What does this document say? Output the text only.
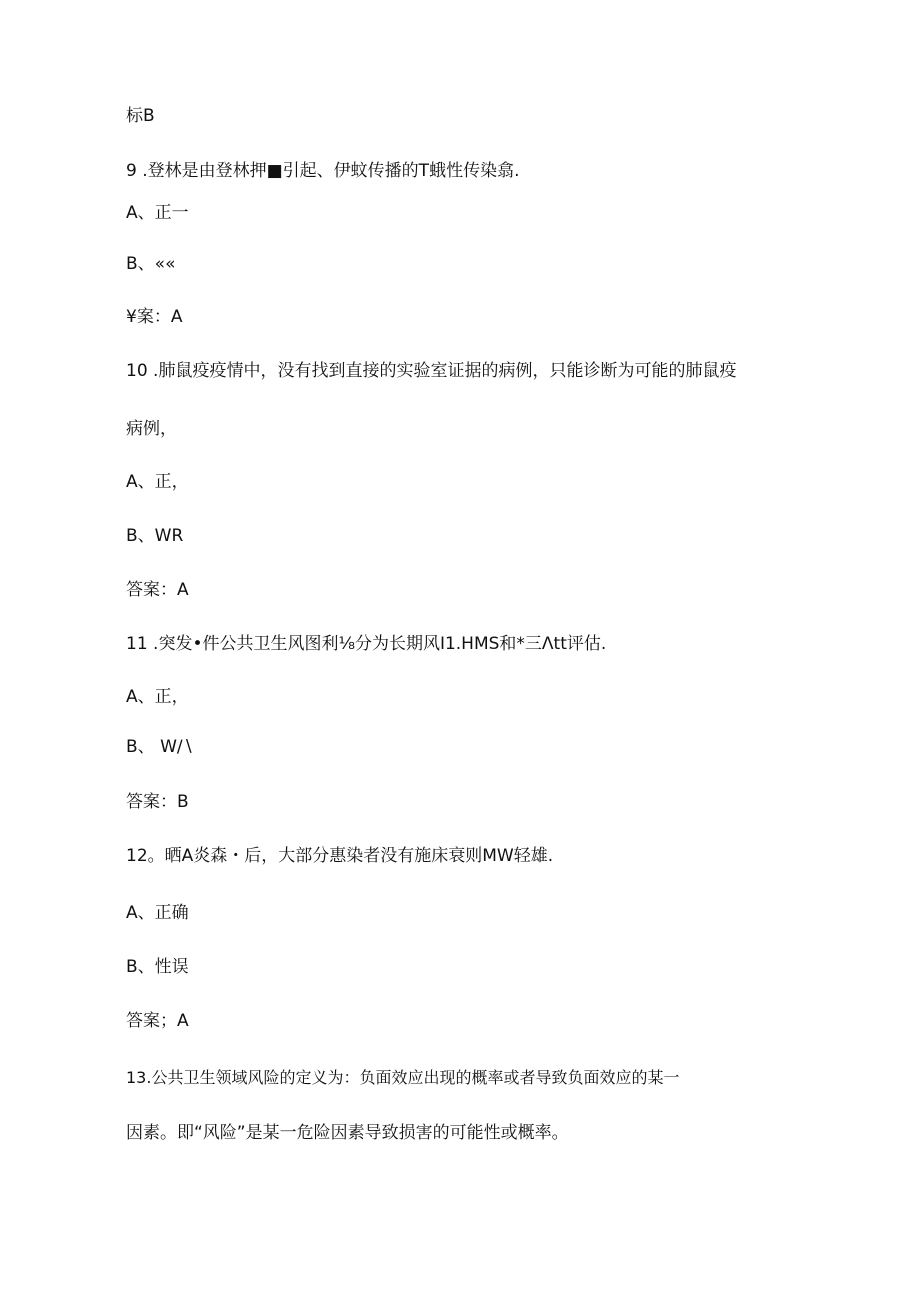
标B

9 .登林是由登林押■引起、伊蚊传播的T蛾性传染翕.

A、正一

B、««

¥案：A

10 .肺鼠疫疫情中，没有找到直接的实验室证据的病例，只能诊断为可能的肺鼠疫

病例，

A、正，

B、WR

答案：A

11 .突发•件公共卫生风图利⅛分为长期风I1.HMS和*三Λtt评估.

A、正，

B、 W∕∖

答案：B

12。晒A炎森・后，大部分惠染者没有施床衰则MW轻雄.

A、正确

B、性误

答案；A

13.公共卫生领域风险的定义为：负面效应出现的概率或者导致负面效应的某一

因素。即“风险”是某一危险因素导致损害的可能性或概率。
